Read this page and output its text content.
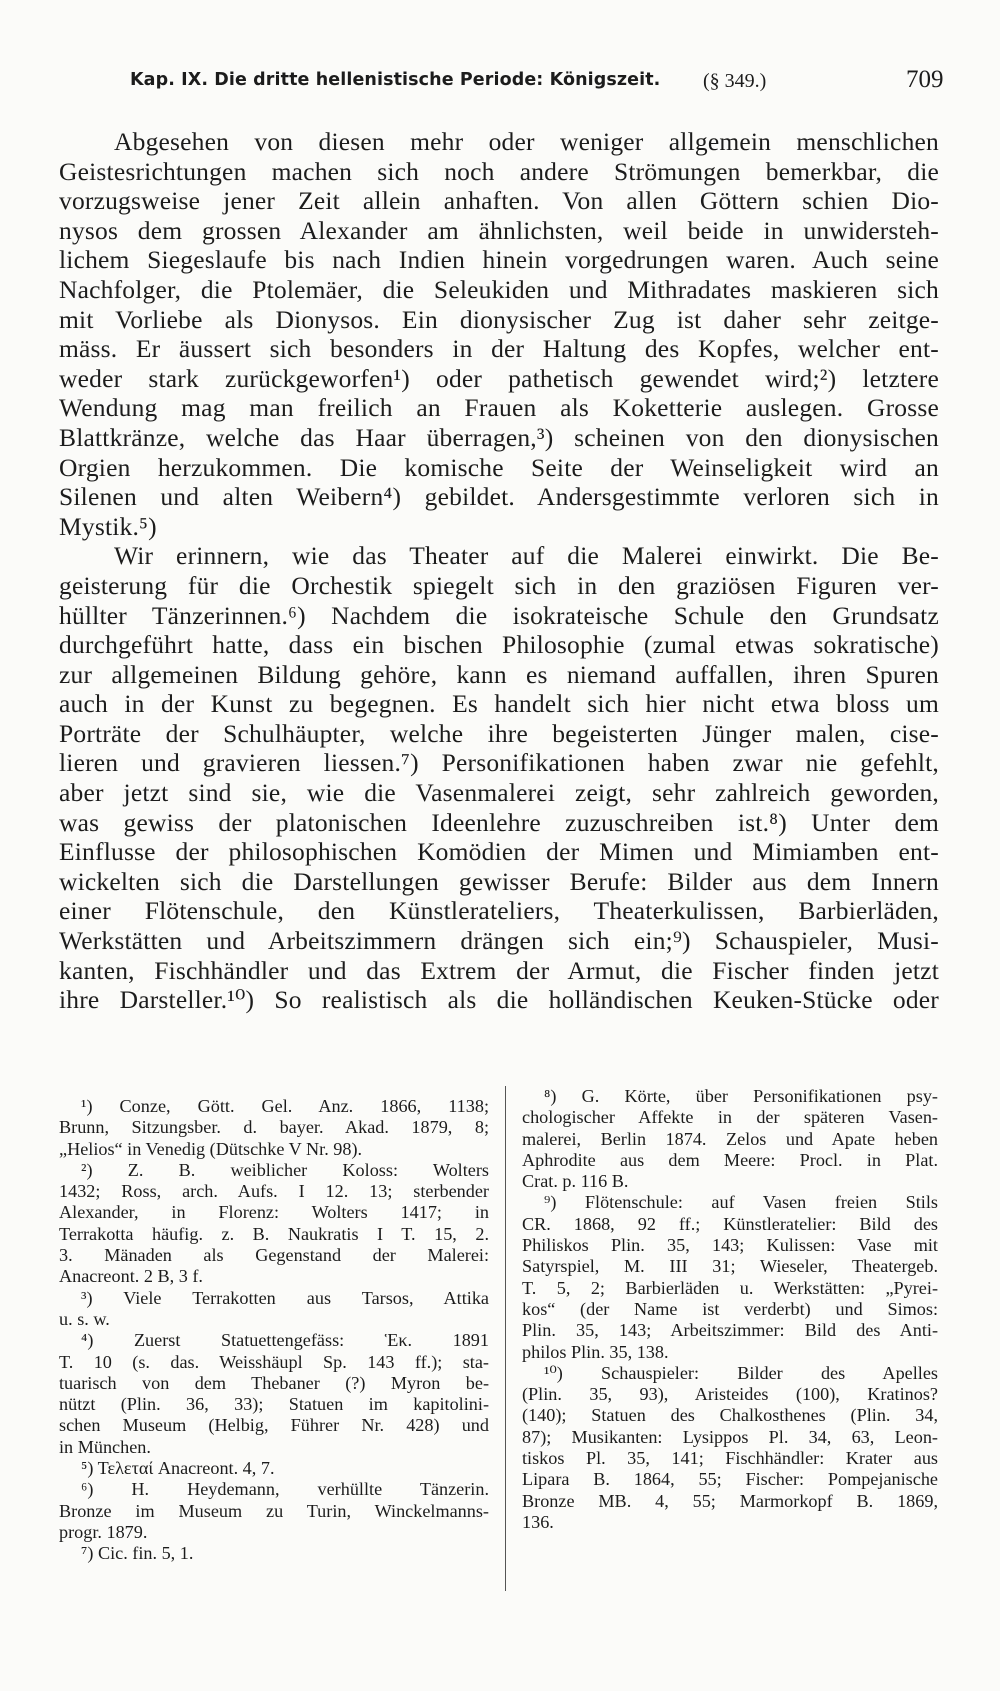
Kap. IX. Die dritte hellenistische Periode: Königszeit. (§ 349.)	709
Abgesehen von diesen mehr oder weniger allgemein menschlichen
Geistesrichtungen machen sich noch andere Strömungen bemerkbar, die
vorzugsweise jener Zeit allein anhaften. Von allen Göttern schien Dio-
nysos dem grossen Alexander am ähnlichsten, weil beide in unwidersteh-
lichem Siegeslaufe bis nach Indien hinein vorgedrungen waren. Auch seine
Nachfolger, die Ptolemäer, die Seleukiden und Mithradates maskieren sich
mit Vorliebe als Dionysos. Ein dionysischer Zug ist daher sehr zeitge-
mäss. Er äussert sich besonders in der Haltung des Kopfes, welcher ent-
weder stark zurückgeworfen¹) oder pathetisch gewendet wird;²) letztere
Wendung mag man freilich an Frauen als Koketterie auslegen. Grosse
Blattkränze, welche das Haar überragen,³) scheinen von den dionysischen
Orgien herzukommen. Die komische Seite der Weinseligkeit wird an
Silenen und alten Weibern⁴) gebildet. Andersgestimmte verloren sich in
Mystik.⁵)
Wir erinnern, wie das Theater auf die Malerei einwirkt. Die Be-
geisterung für die Orchestik spiegelt sich in den graziösen Figuren ver-
hüllter Tänzerinnen.⁶) Nachdem die isokrateische Schule den Grundsatz
durchgeführt hatte, dass ein bischen Philosophie (zumal etwas sokratische)
zur allgemeinen Bildung gehöre, kann es niemand auffallen, ihren Spuren
auch in der Kunst zu begegnen. Es handelt sich hier nicht etwa bloss um
Porträte der Schulhäupter, welche ihre begeisterten Jünger malen, cise-
lieren und gravieren liessen.⁷) Personifikationen haben zwar nie gefehlt,
aber jetzt sind sie, wie die Vasenmalerei zeigt, sehr zahlreich geworden,
was gewiss der platonischen Ideenlehre zuzuschreiben ist.⁸) Unter dem
Einflusse der philosophischen Komödien der Mimen und Mimiamben ent-
wickelten sich die Darstellungen gewisser Berufe: Bilder aus dem Innern
einer Flötenschule, den Künstlerateliers, Theaterkulissen, Barbierläden,
Werkstätten und Arbeitszimmern drängen sich ein;⁹) Schauspieler, Musi-
kanten, Fischhändler und das Extrem der Armut, die Fischer finden jetzt
ihre Darsteller.¹⁰) So realistisch als die holländischen Keuken-Stücke oder
¹) Conze, Gött. Gel. Anz. 1866, 1138;
Brunn, Sitzungsber. d. bayer. Akad. 1879, 8;
„Helios“ in Venedig (Dütschke V Nr. 98).
²) Z. B. weiblicher Koloss: Wolters
1432; Ross, arch. Aufs. I 12. 13; sterbender
Alexander, in Florenz: Wolters 1417; in
Terrakotta häufig. z. B. Naukratis I T. 15, 2.
3. Mänaden als Gegenstand der Malerei:
Anacreont. 2 B, 3 f.
³) Viele Terrakotten aus Tarsos, Attika
u. s. w.
⁴) Zuerst Statuettengefäss: Ἑκ. 1891
T. 10 (s. das. Weisshäupl Sp. 143 ff.); sta-
tuarisch von dem Thebaner (?) Myron be-
nützt (Plin. 36, 33); Statuen im kapitolini-
schen Museum (Helbig, Führer Nr. 428) und
in München.
⁵) Τελεταί Anacreont. 4, 7.
⁶) H. Heydemann, verhüllte Tänzerin.
Bronze im Museum zu Turin, Winckelmanns-
progr. 1879.
⁷) Cic. fin. 5, 1.
⁸) G. Körte, über Personifikationen psy-
chologischer Affekte in der späteren Vasen-
malerei, Berlin 1874. Zelos und Apate heben
Aphrodite aus dem Meere: Procl. in Plat.
Crat. p. 116 B.
⁹) Flötenschule: auf Vasen freien Stils
CR. 1868, 92 ff.; Künstleratelier: Bild des
Philiskos Plin. 35, 143; Kulissen: Vase mit
Satyrspiel, M. III 31; Wieseler, Theatergeb.
T. 5, 2; Barbierläden u. Werkstätten: „Pyrei-
kos“ (der Name ist verderbt) und Simos:
Plin. 35, 143; Arbeitszimmer: Bild des Anti-
philos Plin. 35, 138.
¹⁰) Schauspieler: Bilder des Apelles
(Plin. 35, 93), Aristeides (100), Kratinos?
(140); Statuen des Chalkosthenes (Plin. 34,
87); Musikanten: Lysippos Pl. 34, 63, Leon-
tiskos Pl. 35, 141; Fischhändler: Krater aus
Lipara B. 1864, 55; Fischer: Pompejanische
Bronze MB. 4, 55; Marmorkopf B. 1869,
136.
